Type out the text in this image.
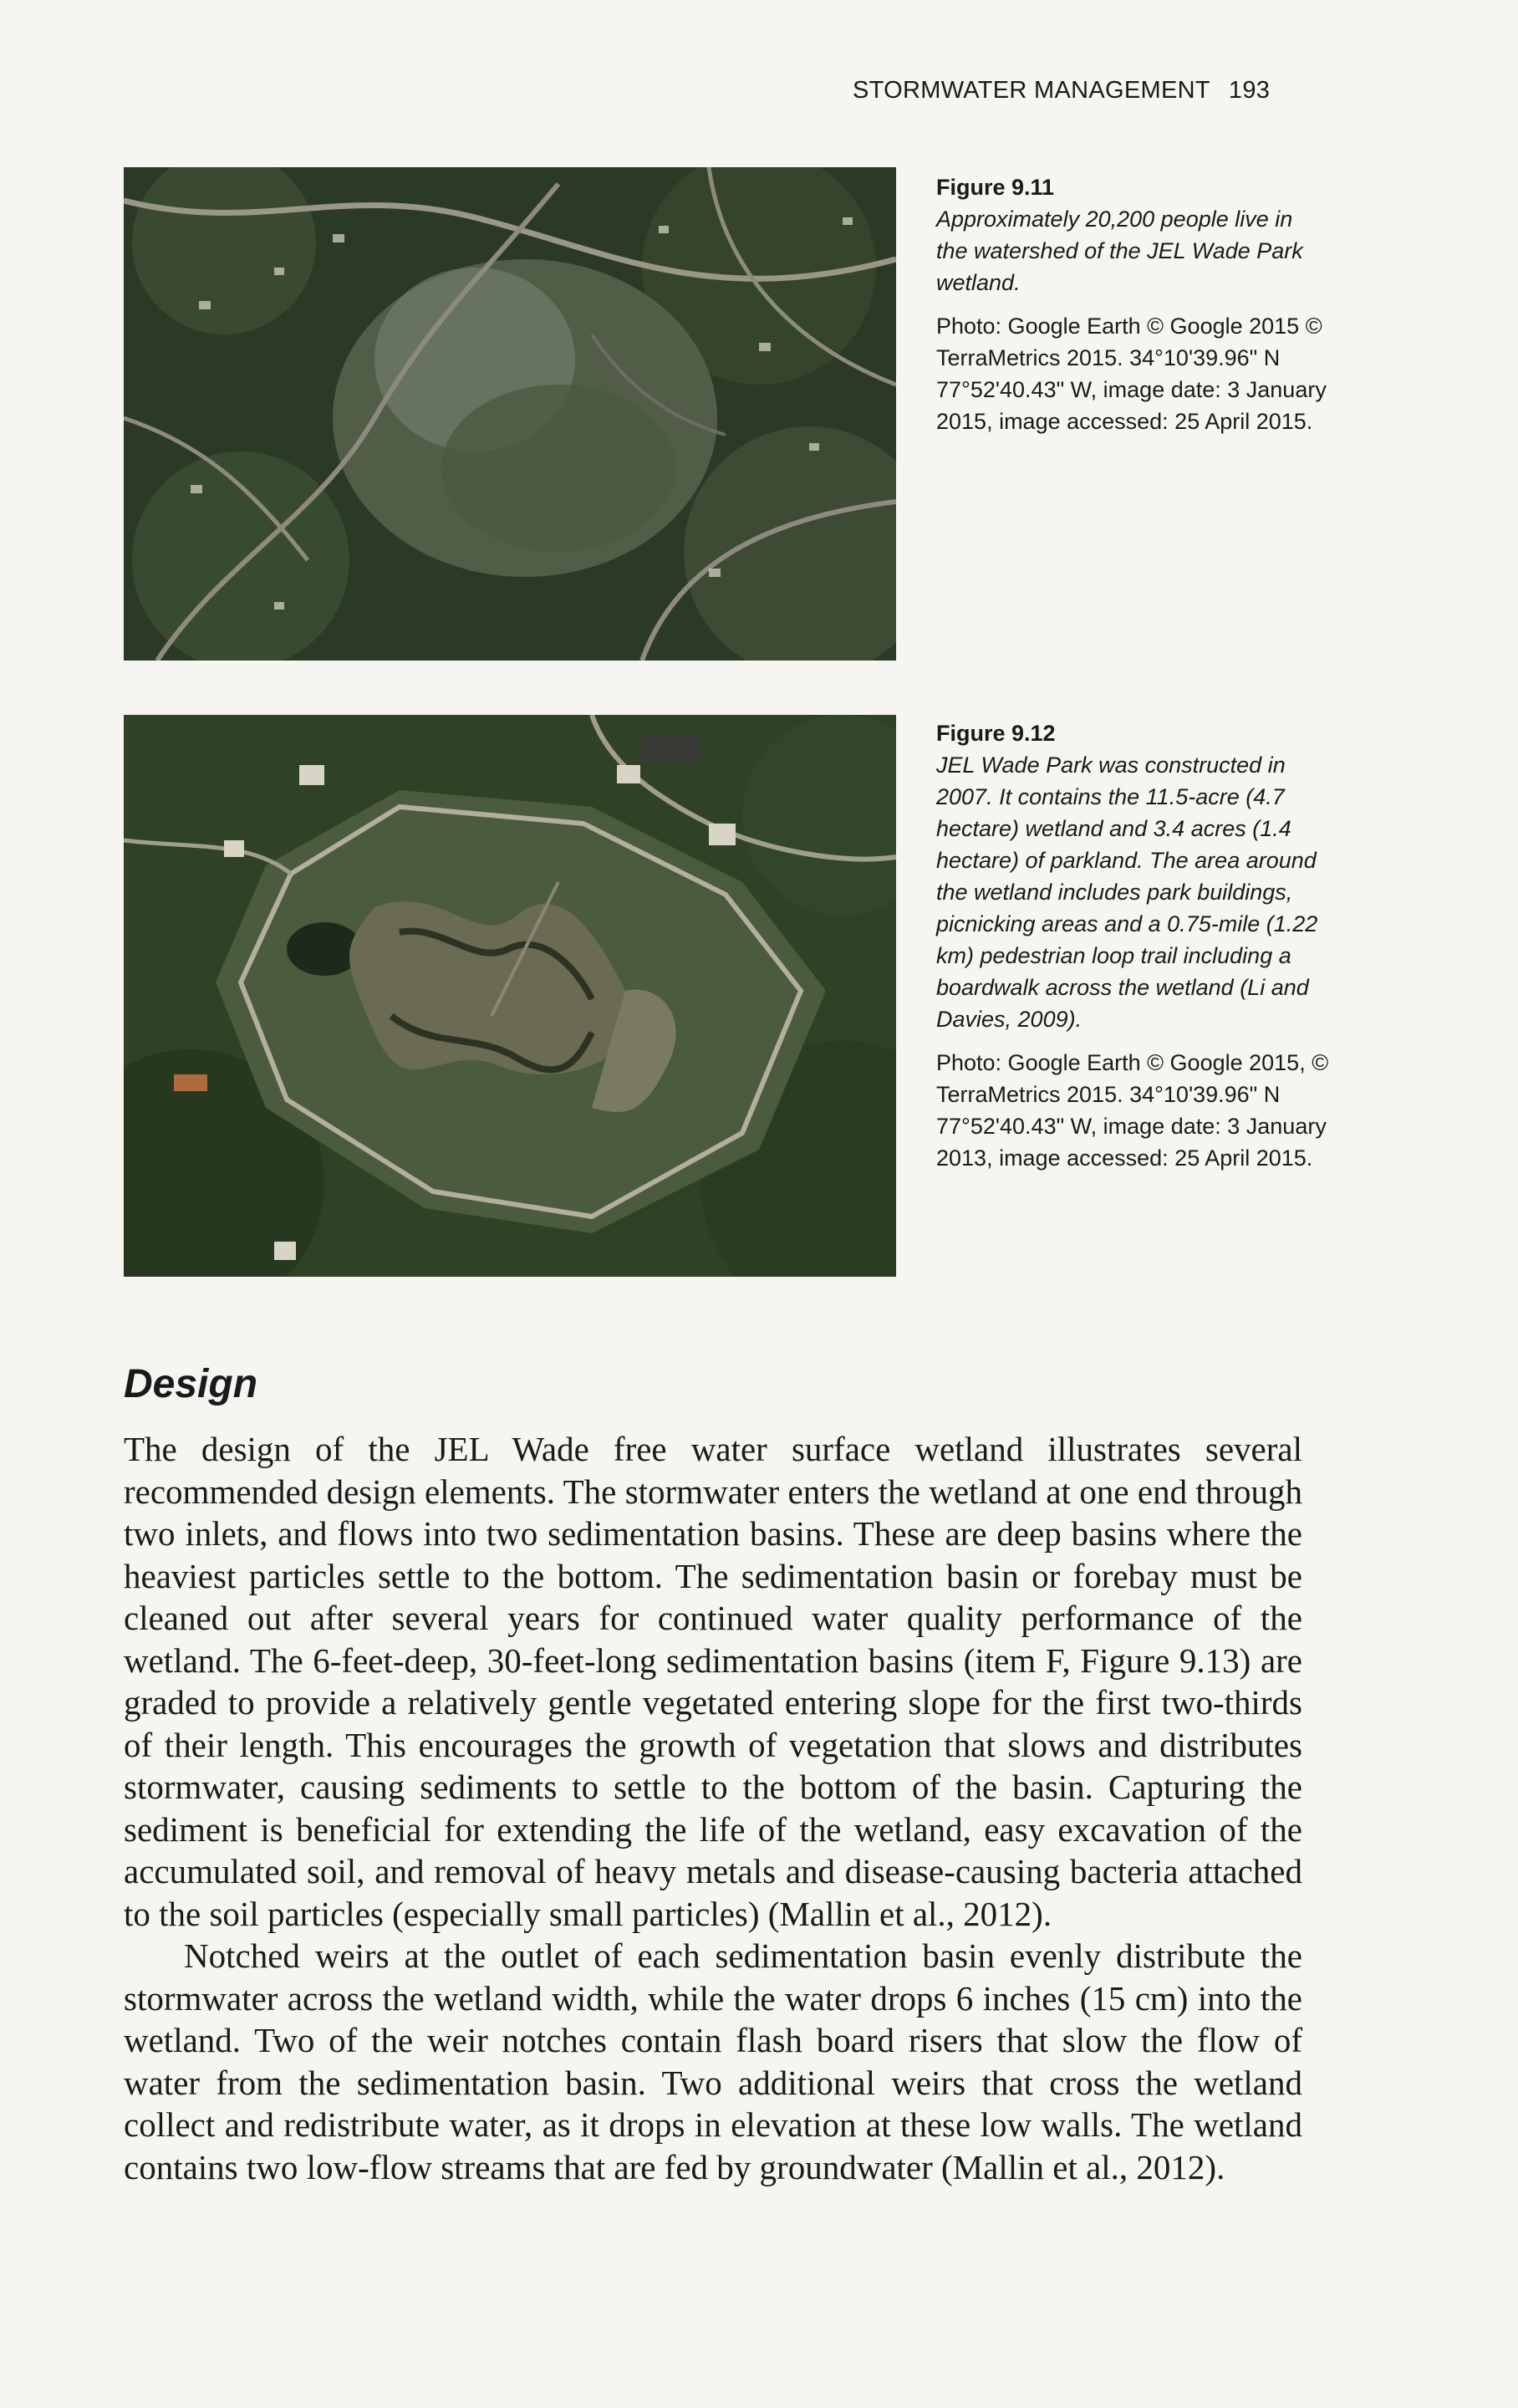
STORMWATER MANAGEMENT 193
Figure 9.11
Approximately 20,200 people live in the watershed of the JEL Wade Park wetland.
Photo: Google Earth © Google 2015 © TerraMetrics 2015. 34°10'39.96" N 77°52'40.43" W, image date: 3 January 2015, image accessed: 25 April 2015.
Figure 9.12
JEL Wade Park was constructed in 2007. It contains the 11.5-acre (4.7 hectare) wetland and 3.4 acres (1.4 hectare) of parkland. The area around the wetland includes park buildings, picnicking areas and a 0.75-mile (1.22 km) pedestrian loop trail including a boardwalk across the wetland (Li and Davies, 2009).
Photo: Google Earth © Google 2015, © TerraMetrics 2015. 34°10'39.96" N 77°52'40.43" W, image date: 3 January 2013, image accessed: 25 April 2015.
Design

The design of the JEL Wade free water surface wetland illustrates several recommended design elements. The stormwater enters the wetland at one end through two inlets, and flows into two sedimentation basins. These are deep basins where the heaviest particles settle to the bottom. The sedimentation basin or forebay must be cleaned out after several years for continued water quality performance of the wetland. The 6-feet-deep, 30-feet-long sedimentation basins (item F, Figure 9.13) are graded to provide a relatively gentle vegetated entering slope for the first two-thirds of their length. This encourages the growth of vegetation that slows and distributes stormwater, causing sediments to settle to the bottom of the basin. Capturing the sediment is beneficial for extending the life of the wetland, easy excavation of the accumulated soil, and removal of heavy metals and disease-causing bacteria attached to the soil particles (especially small particles) (Mallin et al., 2012).

Notched weirs at the outlet of each sedimentation basin evenly distribute the stormwater across the wetland width, while the water drops 6 inches (15 cm) into the wetland. Two of the weir notches contain flash board risers that slow the flow of water from the sedimentation basin. Two additional weirs that cross the wetland collect and redistribute water, as it drops in elevation at these low walls. The wetland contains two low-flow streams that are fed by groundwater (Mallin et al., 2012).
